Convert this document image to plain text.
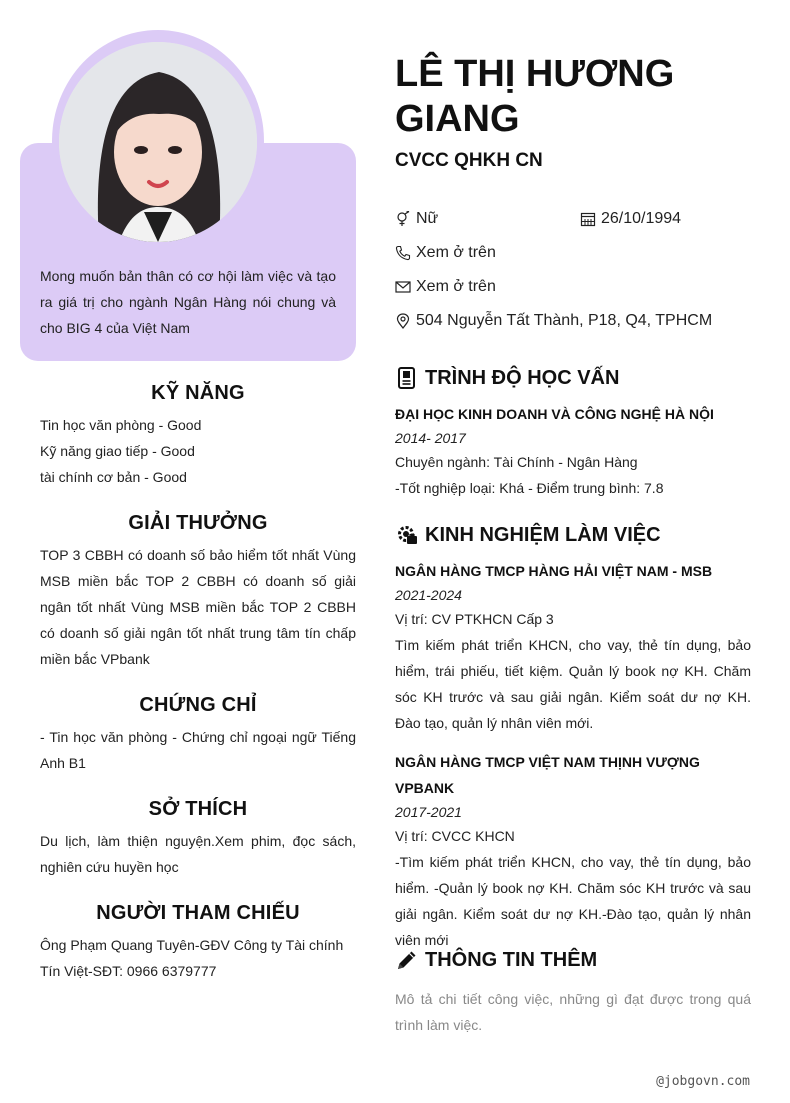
Mong muốn bản thân có cơ hội làm việc và tạo ra giá trị cho ngành Ngân Hàng nói chung và cho BIG 4 của Việt Nam
KỸ NĂNG
Tin học văn phòng - Good
Kỹ năng giao tiếp - Good
tài chính cơ bản - Good
GIẢI THƯỞNG
TOP 3 CBBH có doanh số bảo hiểm tốt nhất Vùng MSB miền bắc TOP 2 CBBH có doanh số giải ngân tốt nhất Vùng MSB miền bắc TOP 2 CBBH có doanh số giải ngân tốt nhất trung tâm tín chấp miền bắc VPbank
CHỨNG CHỈ
- Tin học văn phòng - Chứng chỉ ngoại ngữ Tiếng Anh B1
SỞ THÍCH
Du lịch, làm thiện nguyện.Xem phim, đọc sách, nghiên cứu huyền học
NGƯỜI THAM CHIẾU
Ông Phạm Quang Tuyên-GĐV Công ty Tài chính Tín Việt-SĐT: 0966 6379777
LÊ THỊ HƯƠNG GIANG
CVCC QHKH CN
Nữ	26/10/1994
Xem ở trên
Xem ở trên
504 Nguyễn Tất Thành, P18, Q4, TPHCM
TRÌNH ĐỘ HỌC VẤN
ĐẠI HỌC KINH DOANH VÀ CÔNG NGHỆ HÀ NỘI
2014- 2017
Chuyên ngành: Tài Chính - Ngân Hàng
-Tốt nghiệp loại: Khá - Điểm trung bình: 7.8
KINH NGHIỆM LÀM VIỆC
NGÂN HÀNG TMCP HÀNG HẢI VIỆT NAM - MSB
2021-2024
Vị trí: CV PTKHCN Cấp 3
Tìm kiếm phát triển KHCN, cho vay, thẻ tín dụng, bảo hiểm, trái phiếu, tiết kiệm. Quản lý book nợ KH. Chăm sóc KH trước và sau giải ngân. Kiểm soát dư nợ KH. Đào tạo, quản lý nhân viên mới.
NGÂN HÀNG TMCP VIỆT NAM THỊNH VƯỢNG VPBANK
2017-2021
Vị trí: CVCC KHCN
-Tìm kiếm phát triển KHCN, cho vay, thẻ tín dụng, bảo hiểm. -Quản lý book nợ KH. Chăm sóc KH trước và sau giải ngân. Kiểm soát dư nợ KH.-Đào tạo, quản lý nhân viên mới
THÔNG TIN THÊM
Mô tả chi tiết công việc, những gì đạt được trong quá trình làm việc.
@jobgovn.com
